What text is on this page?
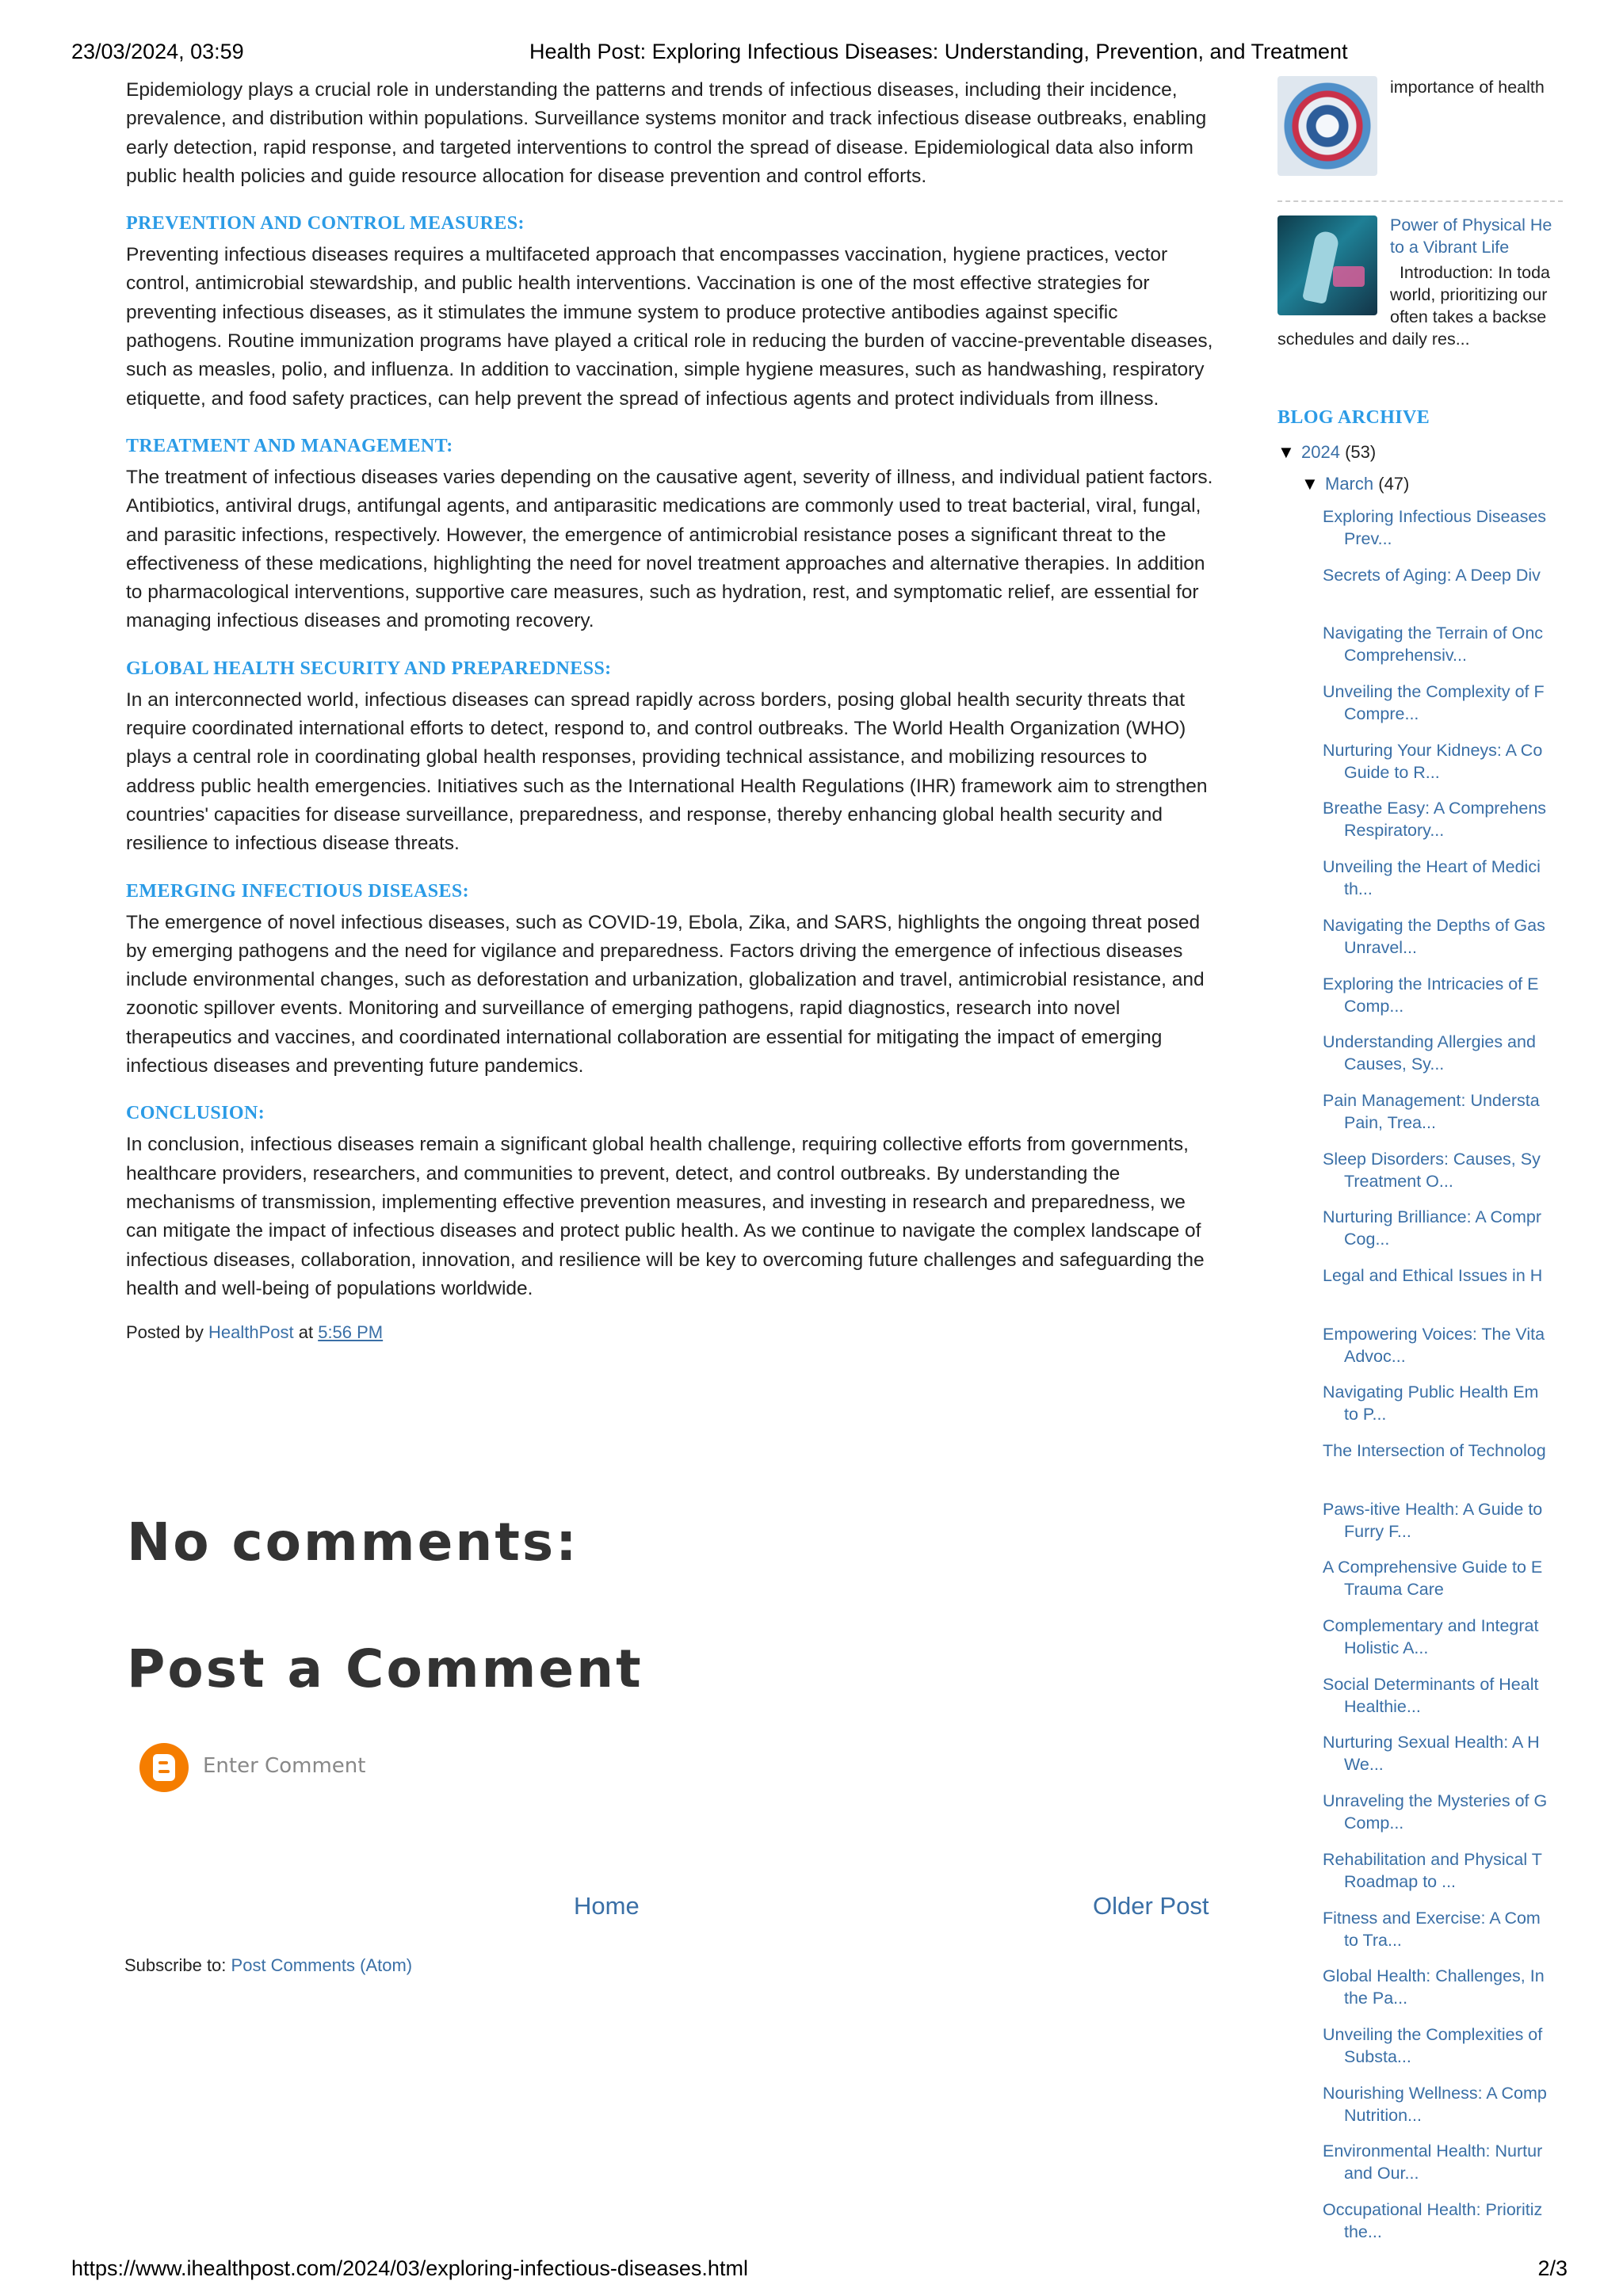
23/03/2024, 03:59	Health Post: Exploring Infectious Diseases: Understanding, Prevention, and Treatment

Epidemiology plays a crucial role in understanding the patterns and trends of infectious diseases, including their incidence, prevalence, and distribution within populations. Surveillance systems monitor and track infectious disease outbreaks, enabling early detection, rapid response, and targeted interventions to control the spread of disease. Epidemiological data also inform public health policies and guide resource allocation for disease prevention and control efforts.

PREVENTION AND CONTROL MEASURES:

Preventing infectious diseases requires a multifaceted approach that encompasses vaccination, hygiene practices, vector control, antimicrobial stewardship, and public health interventions. Vaccination is one of the most effective strategies for preventing infectious diseases, as it stimulates the immune system to produce protective antibodies against specific pathogens. Routine immunization programs have played a critical role in reducing the burden of vaccine-preventable diseases, such as measles, polio, and influenza. In addition to vaccination, simple hygiene measures, such as handwashing, respiratory etiquette, and food safety practices, can help prevent the spread of infectious agents and protect individuals from illness.

TREATMENT AND MANAGEMENT:

The treatment of infectious diseases varies depending on the causative agent, severity of illness, and individual patient factors. Antibiotics, antiviral drugs, antifungal agents, and antiparasitic medications are commonly used to treat bacterial, viral, fungal, and parasitic infections, respectively. However, the emergence of antimicrobial resistance poses a significant threat to the effectiveness of these medications, highlighting the need for novel treatment approaches and alternative therapies. In addition to pharmacological interventions, supportive care measures, such as hydration, rest, and symptomatic relief, are essential for managing infectious diseases and promoting recovery.

GLOBAL HEALTH SECURITY AND PREPAREDNESS:

In an interconnected world, infectious diseases can spread rapidly across borders, posing global health security threats that require coordinated international efforts to detect, respond to, and control outbreaks. The World Health Organization (WHO) plays a central role in coordinating global health responses, providing technical assistance, and mobilizing resources to address public health emergencies. Initiatives such as the International Health Regulations (IHR) framework aim to strengthen countries' capacities for disease surveillance, preparedness, and response, thereby enhancing global health security and resilience to infectious disease threats.

EMERGING INFECTIOUS DISEASES:

The emergence of novel infectious diseases, such as COVID-19, Ebola, Zika, and SARS, highlights the ongoing threat posed by emerging pathogens and the need for vigilance and preparedness. Factors driving the emergence of infectious diseases include environmental changes, such as deforestation and urbanization, globalization and travel, antimicrobial resistance, and zoonotic spillover events. Monitoring and surveillance of emerging pathogens, rapid diagnostics, research into novel therapeutics and vaccines, and coordinated international collaboration are essential for mitigating the impact of emerging infectious diseases and preventing future pandemics.

CONCLUSION:

In conclusion, infectious diseases remain a significant global health challenge, requiring collective efforts from governments, healthcare providers, researchers, and communities to prevent, detect, and control outbreaks. By understanding the mechanisms of transmission, implementing effective prevention measures, and investing in research and preparedness, we can mitigate the impact of infectious diseases and protect public health. As we continue to navigate the complex landscape of infectious diseases, collaboration, innovation, and resilience will be key to overcoming future challenges and safeguarding the health and well-being of populations worldwide.

Posted by HealthPost at 5:56 PM
No comments:
Post a Comment
Enter Comment
Home	Older Post
Subscribe to: Post Comments (Atom)
importance of health
Power of Physical He
to a Vibrant Life
Introduction: In toda
world, prioritizing our
often takes a backse
schedules and daily res...
BLOG ARCHIVE
▼ 2024 (53)
▼ March (47)
Exploring Infectious Diseases
Prev...
Secrets of Aging: A Deep Div
Navigating the Terrain of Onc
Comprehensiv...
Unveiling the Complexity of F
Compre...
Nurturing Your Kidneys: A Co
Guide to R...
Breathe Easy: A Comprehens
Respiratory...
Unveiling the Heart of Medici
th...
Navigating the Depths of Gas
Unravel...
Exploring the Intricacies of E
Comp...
Understanding Allergies and
Causes, Sy...
Pain Management: Understa
Pain, Trea...
Sleep Disorders: Causes, Sy
Treatment O...
Nurturing Brilliance: A Compr
Cog...
Legal and Ethical Issues in H
Empowering Voices: The Vita
Advoc...
Navigating Public Health Em
to P...
The Intersection of Technolog
Paws-itive Health: A Guide to
Furry F...
A Comprehensive Guide to E
Trauma Care
Complementary and Integrat
Holistic A...
Social Determinants of Healt
Healthie...
Nurturing Sexual Health: A H
We...
Unraveling the Mysteries of G
Comp...
Rehabilitation and Physical T
Roadmap to ...
Fitness and Exercise: A Com
to Tra...
Global Health: Challenges, In
the Pa...
Unveiling the Complexities of
Substa...
Nourishing Wellness: A Comp
Nutrition...
Environmental Health: Nurtur
and Our...
Occupational Health: Prioritiz
the...
https://www.ihealthpost.com/2024/03/exploring-infectious-diseases.html	2/3
